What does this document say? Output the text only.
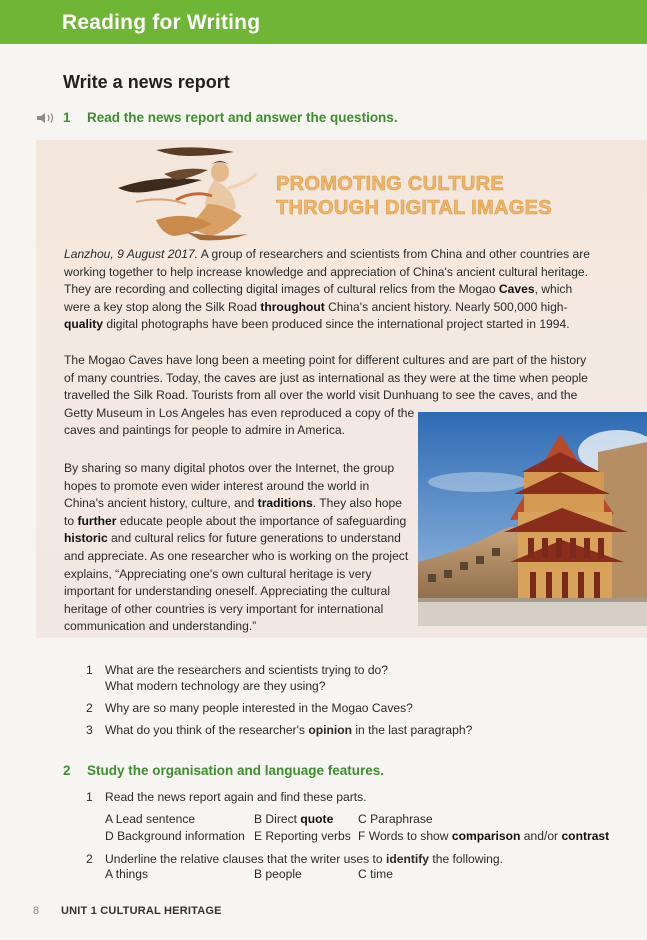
Reading for Writing
Write a news report
1 Read the news report and answer the questions.
PROMOTING CULTURE
THROUGH DIGITAL IMAGES
Lanzhou, 9 August 2017. A group of researchers and scientists from China and other countries are
working together to help increase knowledge and appreciation of China's ancient cultural heritage.
They are recording and collecting digital images of cultural relics from the Mogao Caves, which
were a key stop along the Silk Road throughout China's ancient history. Nearly 500,000 high-
quality digital photographs have been produced since the international project started in 1994.
The Mogao Caves have long been a meeting point for different cultures and are part of the history
of many countries. Today, the caves are just as international as they were at the time when people
travelled the Silk Road. Tourists from all over the world visit Dunhuang to see the caves, and the
Getty Museum in Los Angeles has even reproduced a copy of the
caves and paintings for people to admire in America.
By sharing so many digital photos over the Internet, the group
hopes to promote even wider interest around the world in
China's ancient history, culture, and traditions. They also hope
to further educate people about the importance of safeguarding
historic and cultural relics for future generations to understand
and appreciate. As one researcher who is working on the project
explains, “Appreciating one's own cultural heritage is very
important for understanding oneself. Appreciating the cultural
heritage of other countries is very important for international
communication and understanding.”
1 What are the researchers and scientists trying to do?
What modern technology are they using?
2 Why are so many people interested in the Mogao Caves?
3 What do you think of the researcher's opinion in the last paragraph?
2 Study the organisation and language features.
1 Read the news report again and find these parts.
A Lead sentence	B Direct quote C Paraphrase
D Background information E Reporting verbs F Words to show comparison and/or contrast
2 Underline the relative clauses that the writer uses to identify the following.
A things	B people	C time
8 UNIT 1 CULTURAL HERITAGE
